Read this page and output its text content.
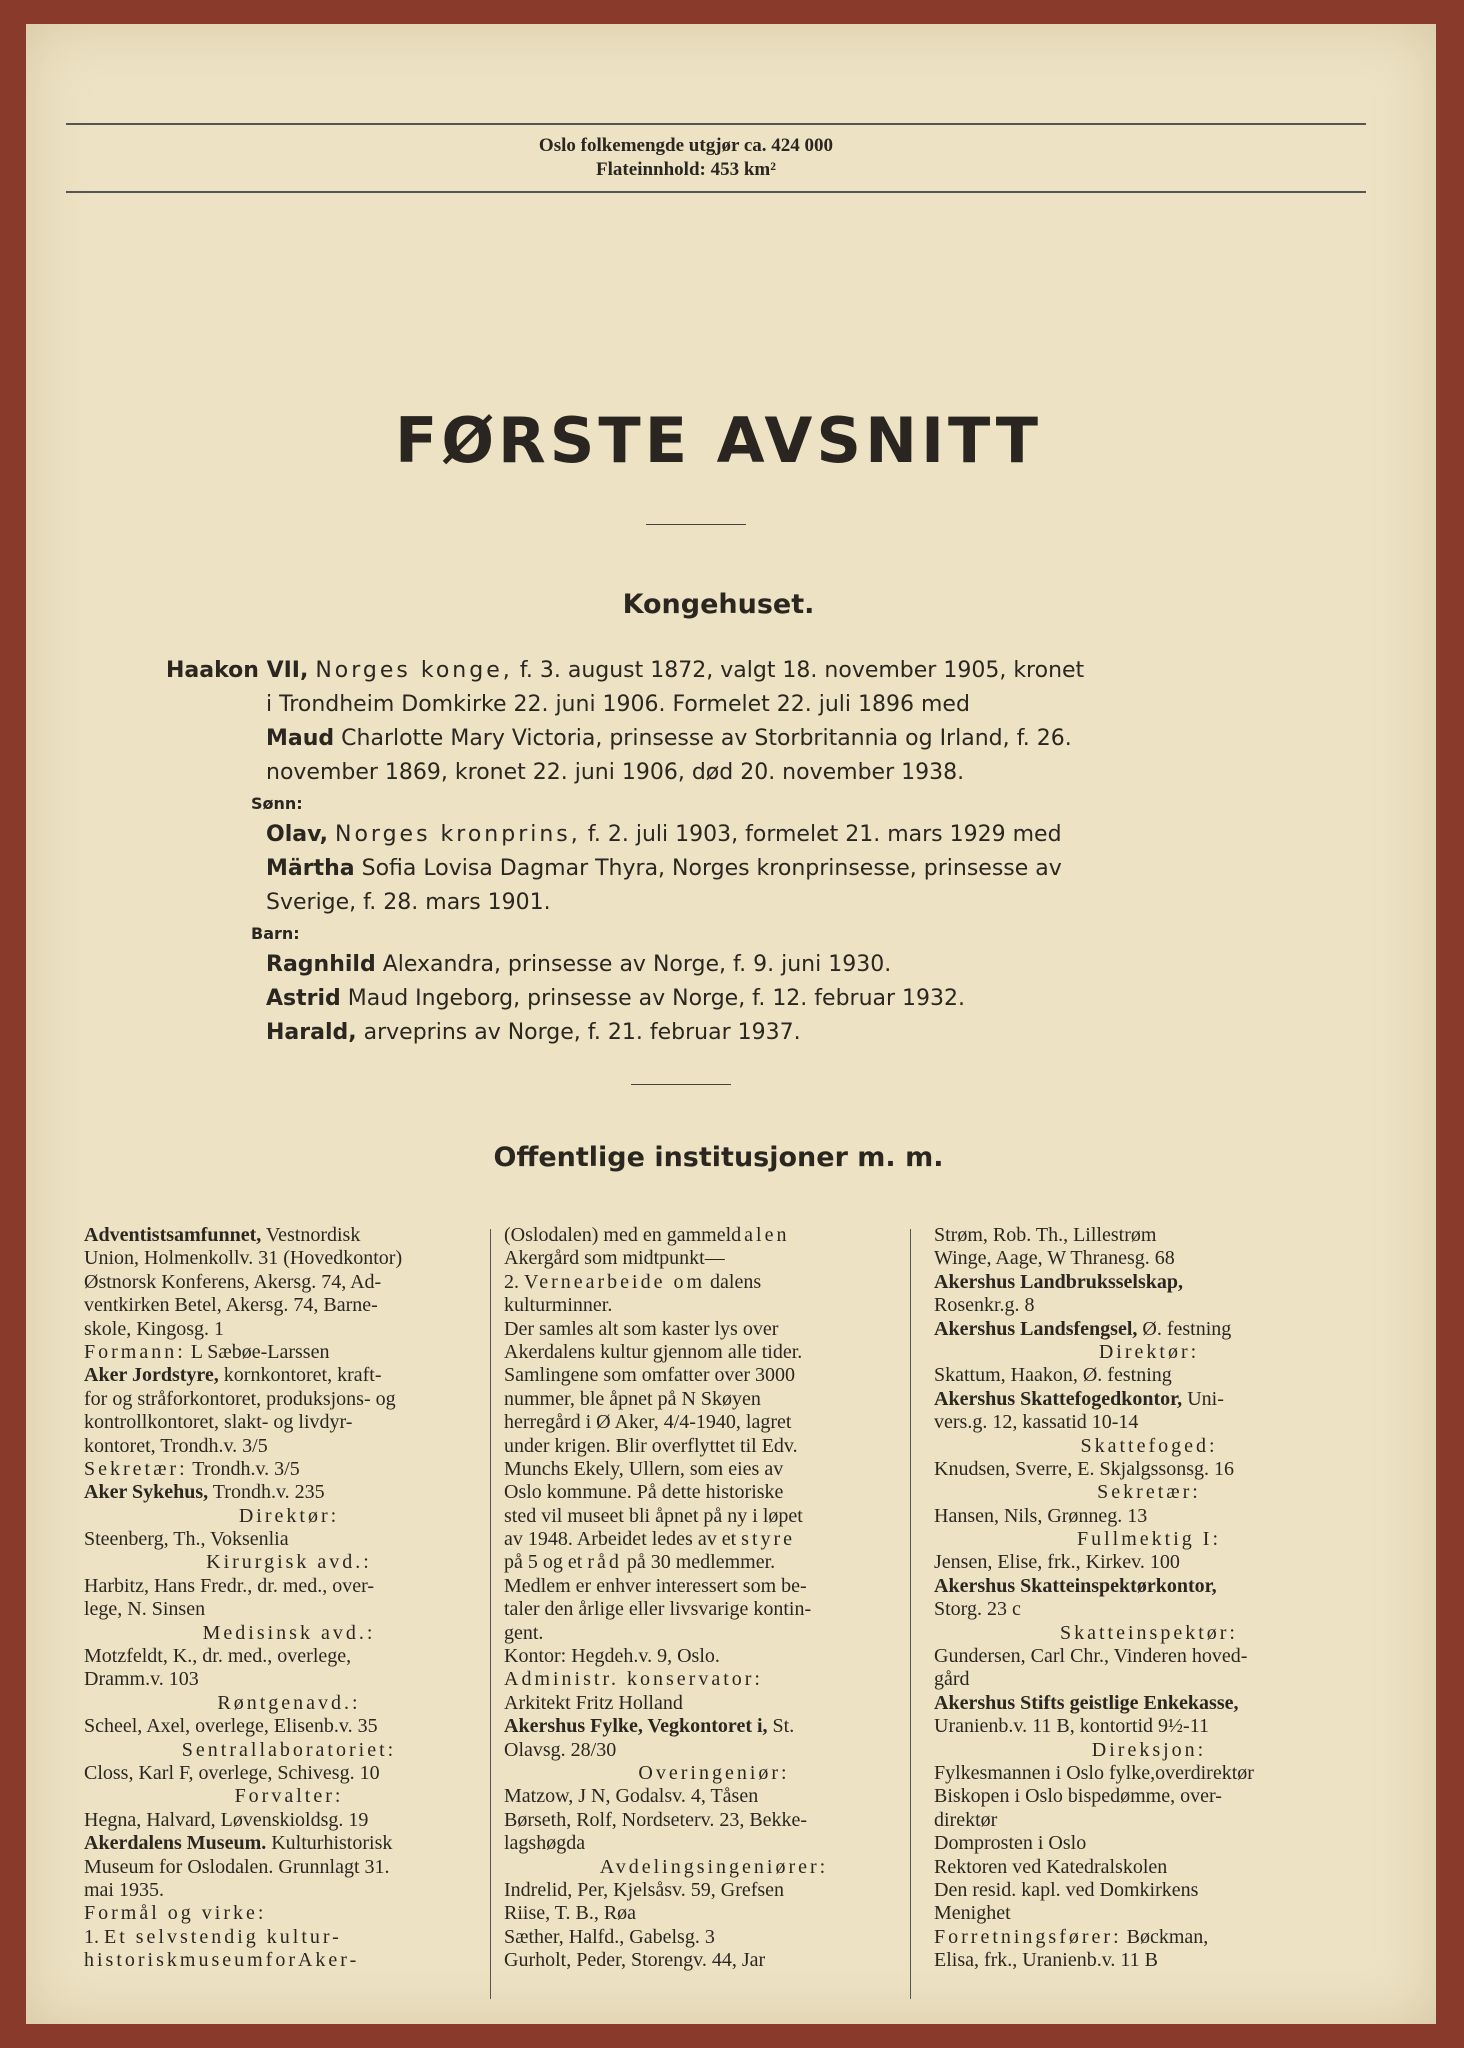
Oslo folkemengde utgjør ca. 424 000
Flateinnhold: 453 km²
FØRSTE AVSNITT
Kongehuset.
Haakon VII, Norges konge, f. 3. august 1872, valgt 18. november 1905, kronet
i Trondheim Domkirke 22. juni 1906. Formelet 22. juli 1896 med
Maud Charlotte Mary Victoria, prinsesse av Storbritannia og Irland, f. 26.
november 1869, kronet 22. juni 1906, død 20. november 1938.
Sønn:
Olav, Norges kronprins, f. 2. juli 1903, formelet 21. mars 1929 med
Märtha Sofia Lovisa Dagmar Thyra, Norges kronprinsesse, prinsesse av
Sverige, f. 28. mars 1901.
Barn:
Ragnhild Alexandra, prinsesse av Norge, f. 9. juni 1930.
Astrid Maud Ingeborg, prinsesse av Norge, f. 12. februar 1932.
Harald, arveprins av Norge, f. 21. februar 1937.
Offentlige institusjoner m. m.
Adventistsamfunnet, Vestnordisk
Union, Holmenkollv. 31 (Hovedkontor)
Østnorsk Konferens, Akersg. 74, Ad-
ventkirken Betel, Akersg. 74, Barne-
skole, Kingosg. 1
Formann: L Sæbøe-Larssen
Aker Jordstyre, kornkontoret, kraft-
for og stråforkontoret, produksjons- og
kontrollkontoret, slakt- og livdyr-
kontoret, Trondh.v. 3/5
Sekretær: Trondh.v. 3/5
Aker Sykehus, Trondh.v. 235
Direktør:
Steenberg, Th., Voksenlia
Kirurgisk avd.:
Harbitz, Hans Fredr., dr. med., over-
lege, N. Sinsen
Medisinsk avd.:
Motzfeldt, K., dr. med., overlege,
Dramm.v. 103
Røntgenavd.:
Scheel, Axel, overlege, Elisenb.v. 35
Sentrallaboratoriet:
Closs, Karl F, overlege, Schivesg. 10
Forvalter:
Hegna, Halvard, Løvenskioldsg. 19
Akerdalens Museum. Kulturhistorisk
Museum for Oslodalen. Grunnlagt 31.
mai 1935.
Formål og virke:
1. Et selvstendig kultur-
historiskmuseumforAker-
(Oslodalen) med en gammeldalen
Akergård som midtpunkt—
2. Vernearbeide om dalens
kulturminner.
Der samles alt som kaster lys over
Akerdalens kultur gjennom alle tider.
Samlingene som omfatter over 3000
nummer, ble åpnet på N Skøyen
herregård i Ø Aker, 4/4-1940, lagret
under krigen. Blir overflyttet til Edv.
Munchs Ekely, Ullern, som eies av
Oslo kommune. På dette historiske
sted vil museet bli åpnet på ny i løpet
av 1948. Arbeidet ledes av et styre
på 5 og et råd på 30 medlemmer.
Medlem er enhver interessert som be-
taler den årlige eller livsvarige kontin-
gent.
Kontor: Hegdeh.v. 9, Oslo.
Administr. konservator:
Arkitekt Fritz Holland
Akershus Fylke, Vegkontoret i, St.
Olavsg. 28/30
Overingeniør:
Matzow, J N, Godalsv. 4, Tåsen
Børseth, Rolf, Nordseterv. 23, Bekke-
lagshøgda
Avdelingsingeniører:
Indrelid, Per, Kjelsåsv. 59, Grefsen
Riise, T. B., Røa
Sæther, Halfd., Gabelsg. 3
Gurholt, Peder, Storengv. 44, Jar
Strøm, Rob. Th., Lillestrøm
Winge, Aage, W Thranesg. 68
Akershus Landbruksselskap,
Rosenkr.g. 8
Akershus Landsfengsel, Ø. festning
Direktør:
Skattum, Haakon, Ø. festning
Akershus Skattefogedkontor, Uni-
vers.g. 12, kassatid 10-14
Skattefoged:
Knudsen, Sverre, E. Skjalgssonsg. 16
Sekretær:
Hansen, Nils, Grønneg. 13
Fullmektig I:
Jensen, Elise, frk., Kirkev. 100
Akershus Skatteinspektørkontor,
Storg. 23 c
Skatteinspektør:
Gundersen, Carl Chr., Vinderen hoved-
gård
Akershus Stifts geistlige Enkekasse,
Uranienb.v. 11 B, kontortid 9½-11
Direksjon:
Fylkesmannen i Oslo fylke,overdirektør
Biskopen i Oslo bispedømme, over-
direktør
Domprosten i Oslo
Rektoren ved Katedralskolen
Den resid. kapl. ved Domkirkens
Menighet
Forretningsfører: Bøckman,
Elisa, frk., Uranienb.v. 11 B
